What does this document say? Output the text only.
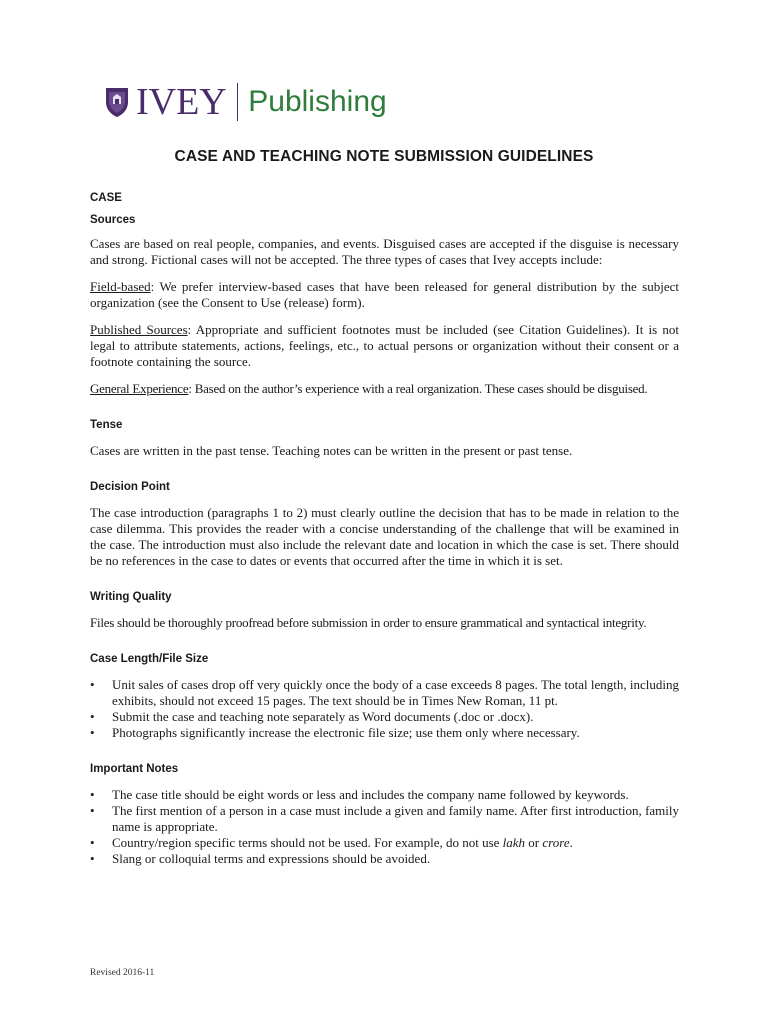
IVEY Publishing
CASE AND TEACHING NOTE SUBMISSION GUIDELINES
CASE
Sources

Cases are based on real people, companies, and events. Disguised cases are accepted if the disguise is necessary and strong. Fictional cases will not be accepted. The three types of cases that Ivey accepts include:

Field-based: We prefer interview-based cases that have been released for general distribution by the subject organization (see the Consent to Use (release) form).

Published Sources: Appropriate and sufficient footnotes must be included (see Citation Guidelines). It is not legal to attribute statements, actions, feelings, etc., to actual persons or organization without their consent or a footnote containing the source.

General Experience: Based on the author’s experience with a real organization. These cases should be disguised.

Tense

Cases are written in the past tense. Teaching notes can be written in the present or past tense.

Decision Point

The case introduction (paragraphs 1 to 2) must clearly outline the decision that has to be made in relation to the case dilemma. This provides the reader with a concise understanding of the challenge that will be examined in the case. The introduction must also include the relevant date and location in which the case is set. There should be no references in the case to dates or events that occurred after the time in which it is set.

Writing Quality

Files should be thoroughly proofread before submission in order to ensure grammatical and syntactical integrity.

Case Length/File Size
• Unit sales of cases drop off very quickly once the body of a case exceeds 8 pages. The total length, including exhibits, should not exceed 15 pages. The text should be in Times New Roman, 11 pt.
• Submit the case and teaching note separately as Word documents (.doc or .docx).
• Photographs significantly increase the electronic file size; use them only where necessary.
Important Notes
• The case title should be eight words or less and includes the company name followed by keywords.
• The first mention of a person in a case must include a given and family name. After first introduction, family name is appropriate.
• Country/region specific terms should not be used. For example, do not use lakh or crore.
• Slang or colloquial terms and expressions should be avoided.
Revised 2016-11
